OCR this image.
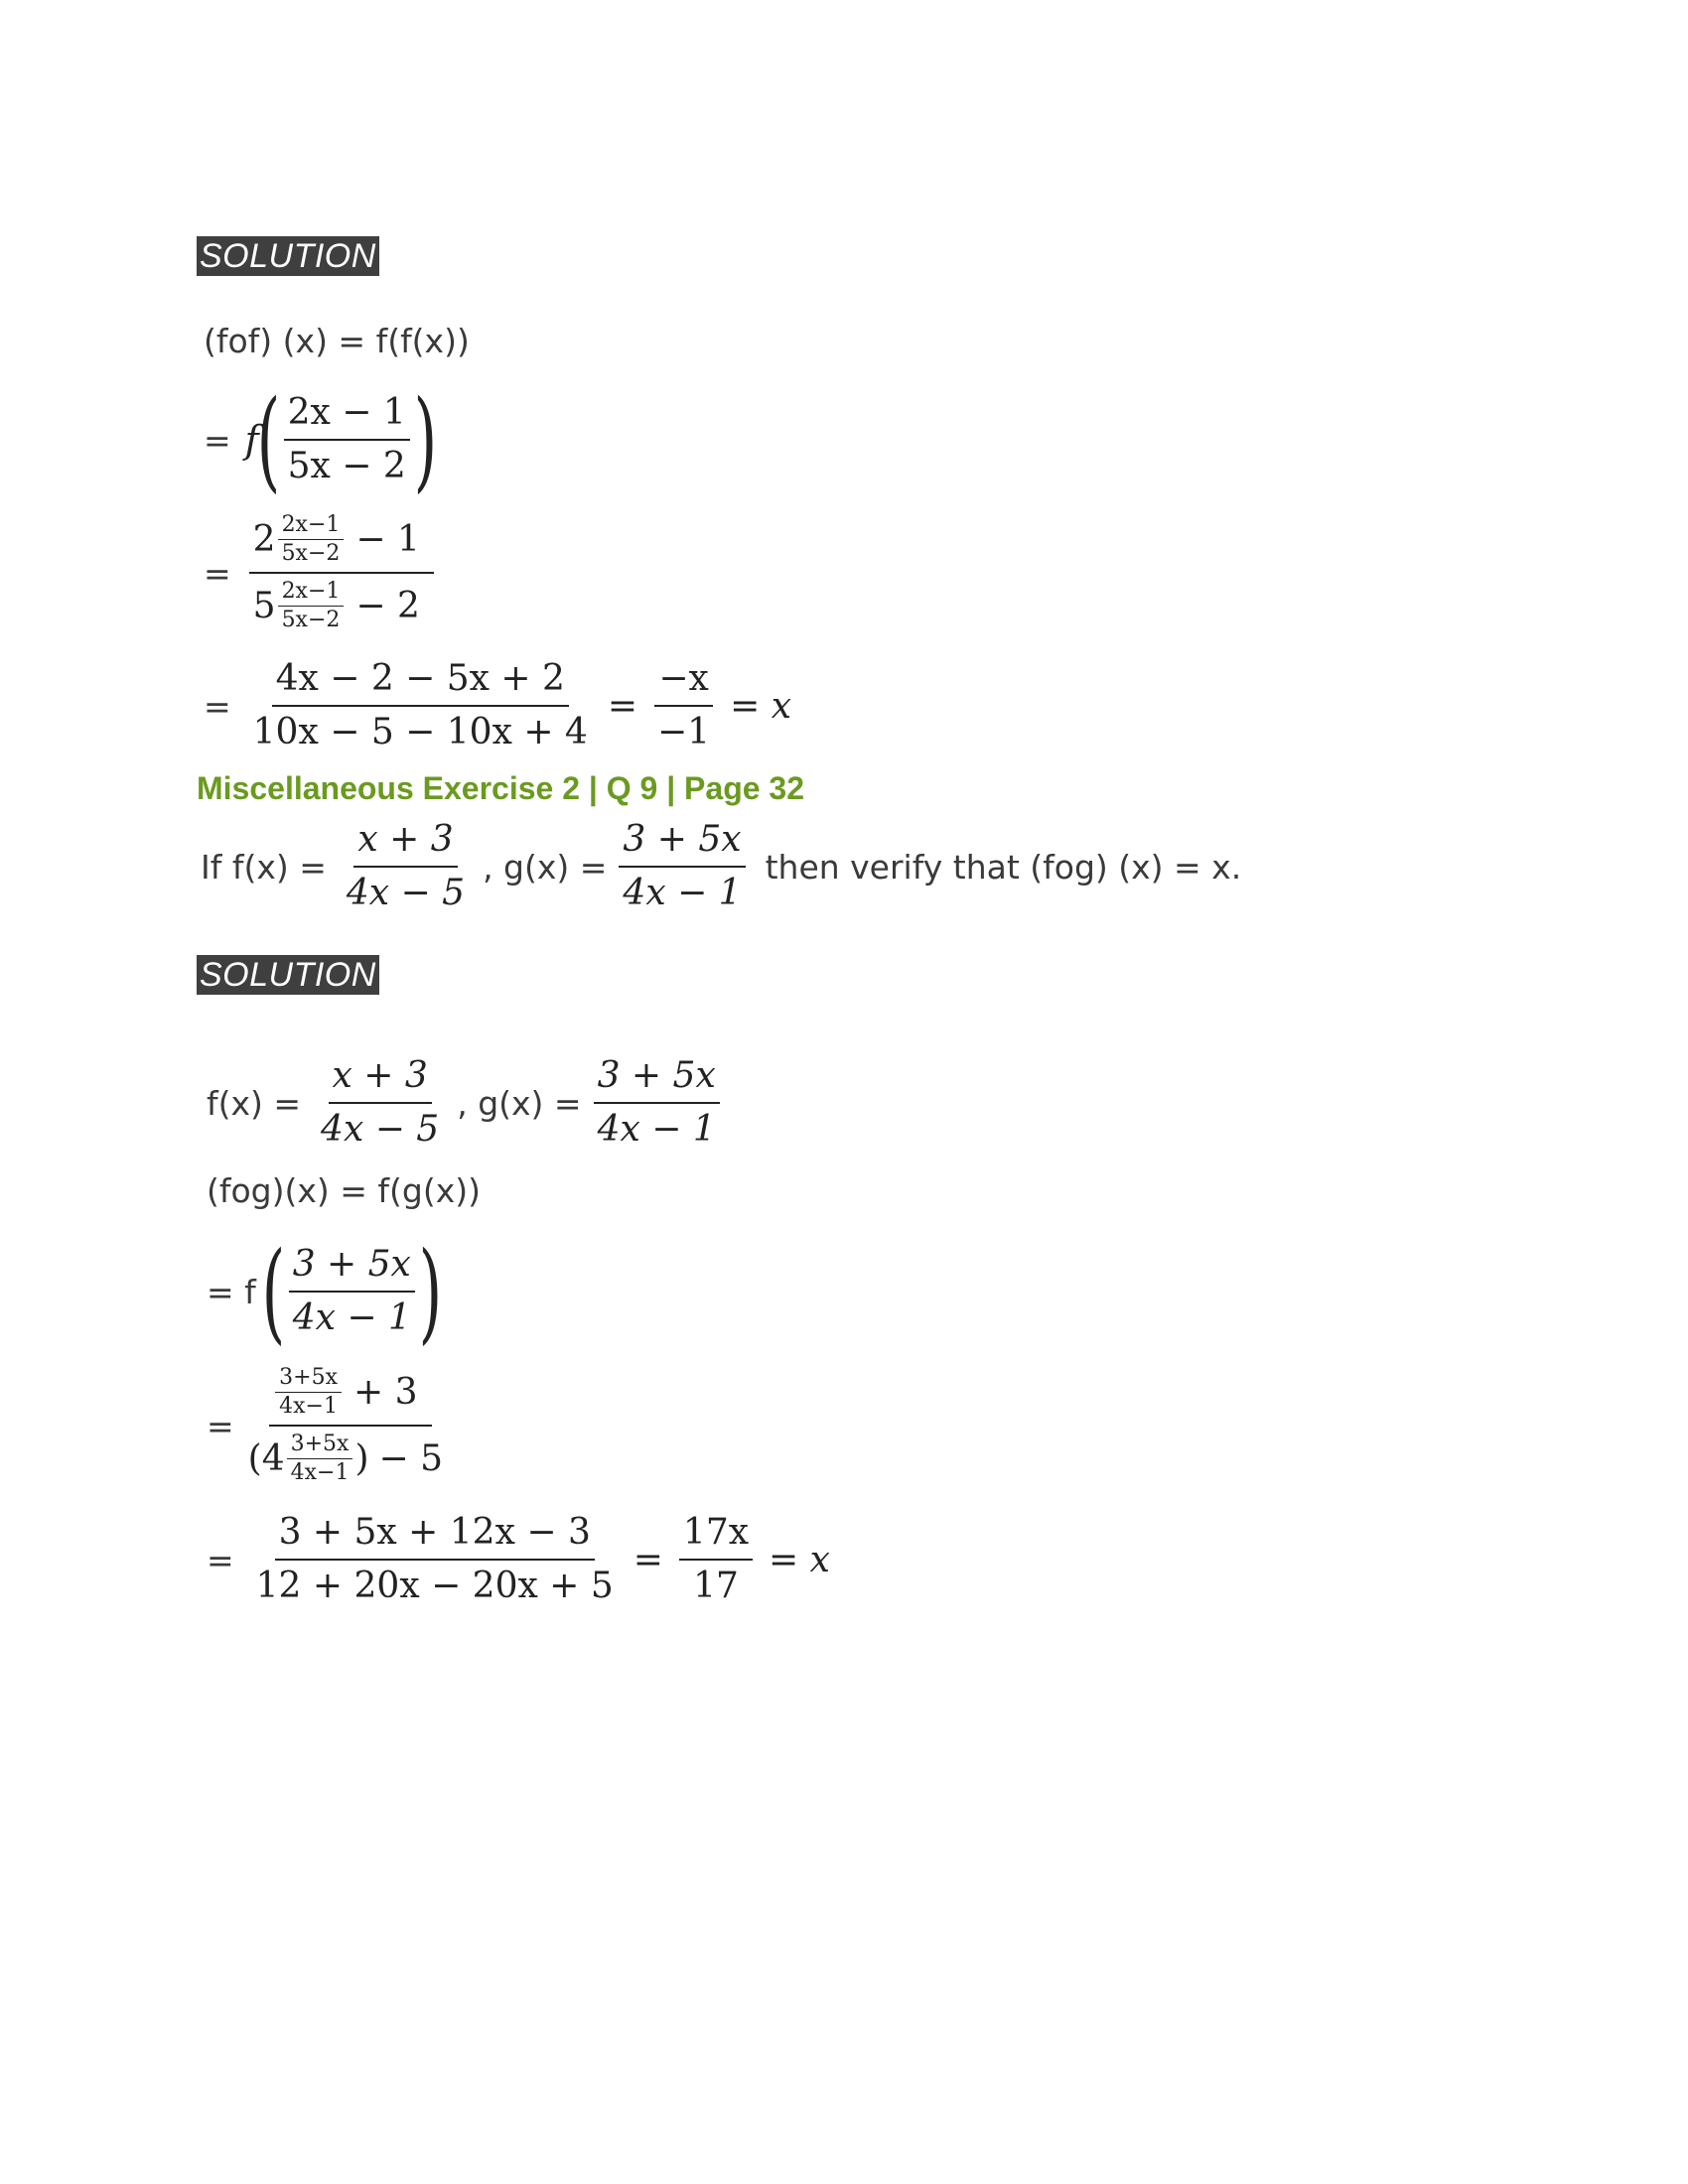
SOLUTION
(fof) (x) = f(f(x))
= f
( $\frac{2x - 1}{5x - 2}$ )
= $\frac{2 \frac{2x-1}{5x-2} - 1}{5 \frac{2x-1}{5x-2} - 2}$
= $\frac{4x - 2 - 5x + 2}{10x - 5 - 10x + 4} = \frac{-x}{-1} = x$
Miscellaneous Exercise 2 | Q 9 | Page 32
If $f(x) = \frac{x + 3}{4x - 5}$ , $g(x) = \frac{3 + 5x}{4x - 1}$ then verify that (fog) (x) = x.
SOLUTION
$f(x) = \frac{x + 3}{4x - 5}$ , $g(x) = \frac{3 + 5x}{4x - 1}$
(fog)(x) = f(g(x))
= f ( $\frac{3 + 5x}{4x - 1}$ )
= $\frac{\frac{3+5x}{4x-1} + 3}{(4 \frac{3+5x}{4x-1} ) - 5}$
= $\frac{3 + 5x + 12x - 3}{12 + 20x - 20x + 5} = \frac{17x}{17} = x$
